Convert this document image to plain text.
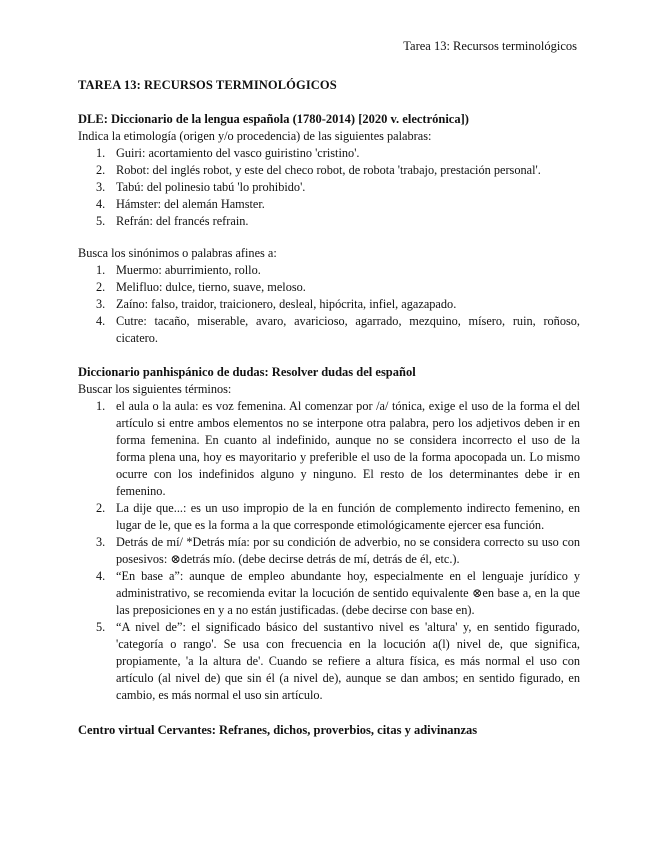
Tarea 13: Recursos terminológicos
TAREA 13: RECURSOS TERMINOLÓGICOS

DLE: Diccionario de la lengua española (1780-2014) [2020 v. electrónica])

Indica la etimología (origen y/o procedencia) de las siguientes palabras:

1. Guiri: acortamiento del vasco guiristino 'cristino'.
2. Robot: del inglés robot, y este del checo robot, de robota 'trabajo, prestación personal'.
3. Tabú: del polinesio tabú 'lo prohibido'.
4. Hámster: del alemán Hamster.
5. Refrán: del francés refrain.

Busca los sinónimos o palabras afines a:

1. Muermo: aburrimiento, rollo.
2. Melifluo: dulce, tierno, suave, meloso.
3. Zaíno: falso, traidor, traicionero, desleal, hipócrita, infiel, agazapado.
4. Cutre: tacaño, miserable, avaro, avaricioso, agarrado, mezquino, mísero, ruin, roñoso, cicatero.

Diccionario panhispánico de dudas: Resolver dudas del español

Buscar los siguientes términos:

1. el aula o la aula: es voz femenina. Al comenzar por /a/ tónica, exige el uso de la forma el del artículo si entre ambos elementos no se interpone otra palabra, pero los adjetivos deben ir en forma femenina. En cuanto al indefinido, aunque no se considera incorrecto el uso de la forma plena una, hoy es mayoritario y preferible el uso de la forma apocopada un. Lo mismo ocurre con los indefinidos alguno y ninguno. El resto de los determinantes debe ir en femenino.
2. La dije que...: es un uso impropio de la en función de complemento indirecto femenino, en lugar de le, que es la forma a la que corresponde etimológicamente ejercer esa función.
3. Detrás de mí/ *Detrás mía: por su condición de adverbio, no se considera correcto su uso con posesivos: ⊗detrás mío. (debe decirse detrás de mí, detrás de él, etc.).
4. “En base a”: aunque de empleo abundante hoy, especialmente en el lenguaje jurídico y administrativo, se recomienda evitar la locución de sentido equivalente ⊗en base a, en la que las preposiciones en y a no están justificadas. (debe decirse con base en).
5. “A nivel de”: el significado básico del sustantivo nivel es 'altura' y, en sentido figurado, 'categoría o rango'. Se usa con frecuencia en la locución a(l) nivel de, que significa, propiamente, 'a la altura de'. Cuando se refiere a altura física, es más normal el uso con artículo (al nivel de) que sin él (a nivel de), aunque se dan ambos; en sentido figurado, en cambio, es más normal el uso sin artículo.

Centro virtual Cervantes: Refranes, dichos, proverbios, citas y adivinanzas
